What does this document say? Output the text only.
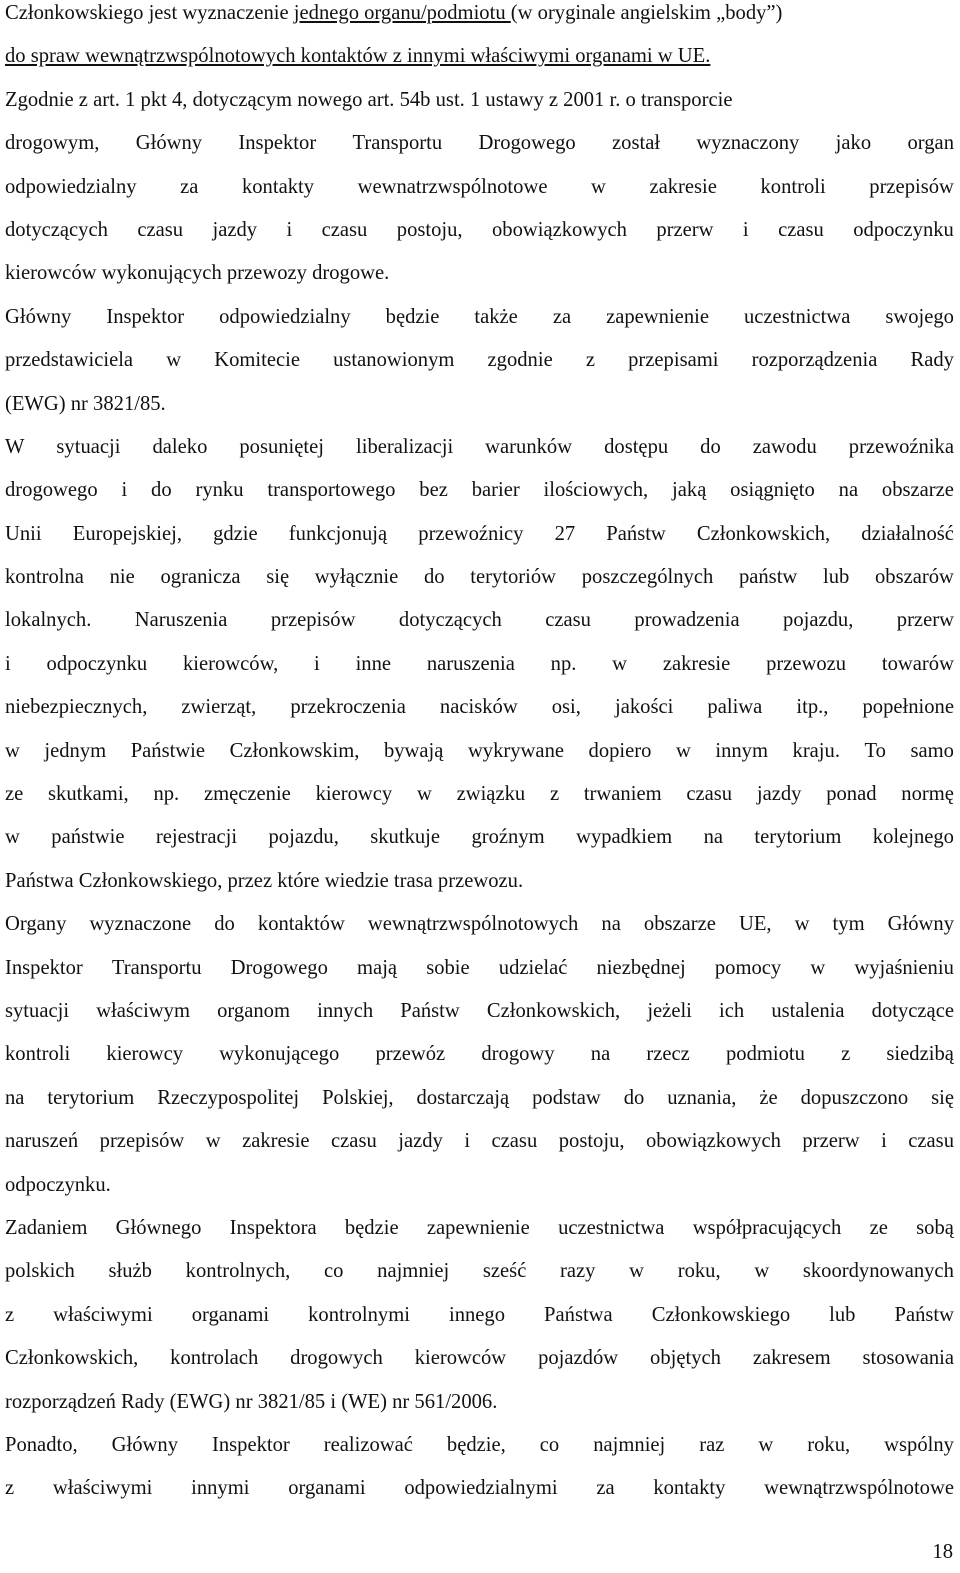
Członkowskiego jest wyznaczenie jednego organu/podmiotu (w oryginale angielskim „body”)
do spraw wewnątrzwspólnotowych kontaktów z innymi właściwymi organami w UE.
Zgodnie z art. 1 pkt 4, dotyczącym nowego art. 54b ust. 1 ustawy z 2001 r. o transporcie
drogowym, Główny Inspektor Transportu Drogowego został wyznaczony jako organ
odpowiedzialny za kontakty wewnatrzwspólnotowe w zakresie kontroli przepisów
dotyczących czasu jazdy i czasu postoju, obowiązkowych przerw i czasu odpoczynku
kierowców wykonujących przewozy drogowe.
Główny Inspektor odpowiedzialny będzie także za zapewnienie uczestnictwa swojego
przedstawiciela w Komitecie ustanowionym zgodnie z przepisami rozporządzenia Rady
(EWG) nr 3821/85.
W sytuacji daleko posuniętej liberalizacji warunków dostępu do zawodu przewoźnika
drogowego i do rynku transportowego bez barier ilościowych, jaką osiągnięto na obszarze
Unii Europejskiej, gdzie funkcjonują przewoźnicy 27 Państw Członkowskich, działalność
kontrolna nie ogranicza się wyłącznie do terytoriów poszczególnych państw lub obszarów
lokalnych. Naruszenia przepisów dotyczących czasu prowadzenia pojazdu, przerw
i odpoczynku kierowców, i inne naruszenia np. w zakresie przewozu towarów
niebezpiecznych, zwierząt, przekroczenia nacisków osi, jakości paliwa itp., popełnione
w jednym Państwie Członkowskim, bywają wykrywane dopiero w innym kraju. To samo
ze skutkami, np. zmęczenie kierowcy w związku z trwaniem czasu jazdy ponad normę
w państwie rejestracji pojazdu, skutkuje groźnym wypadkiem na terytorium kolejnego
Państwa Członkowskiego, przez które wiedzie trasa przewozu.
Organy wyznaczone do kontaktów wewnątrzwspólnotowych na obszarze UE, w tym Główny
Inspektor Transportu Drogowego mają sobie udzielać niezbędnej pomocy w wyjaśnieniu
sytuacji właściwym organom innych Państw Członkowskich, jeżeli ich ustalenia dotyczące
kontroli kierowcy wykonującego przewóz drogowy na rzecz podmiotu z siedzibą
na terytorium Rzeczypospolitej Polskiej, dostarczają podstaw do uznania, że dopuszczono się
naruszeń przepisów w zakresie czasu jazdy i czasu postoju, obowiązkowych przerw i czasu
odpoczynku.
Zadaniem Głównego Inspektora będzie zapewnienie uczestnictwa współpracujących ze sobą
polskich służb kontrolnych, co najmniej sześć razy w roku, w skoordynowanych
z właściwymi organami kontrolnymi innego Państwa Członkowskiego lub Państw
Członkowskich, kontrolach drogowych kierowców pojazdów objętych zakresem stosowania
rozporządzeń Rady (EWG) nr 3821/85 i (WE) nr 561/2006.
Ponadto, Główny Inspektor realizować będzie, co najmniej raz w roku, wspólny
z właściwymi innymi organami odpowiedzialnymi za kontakty wewnątrzwspólnotowe
18
